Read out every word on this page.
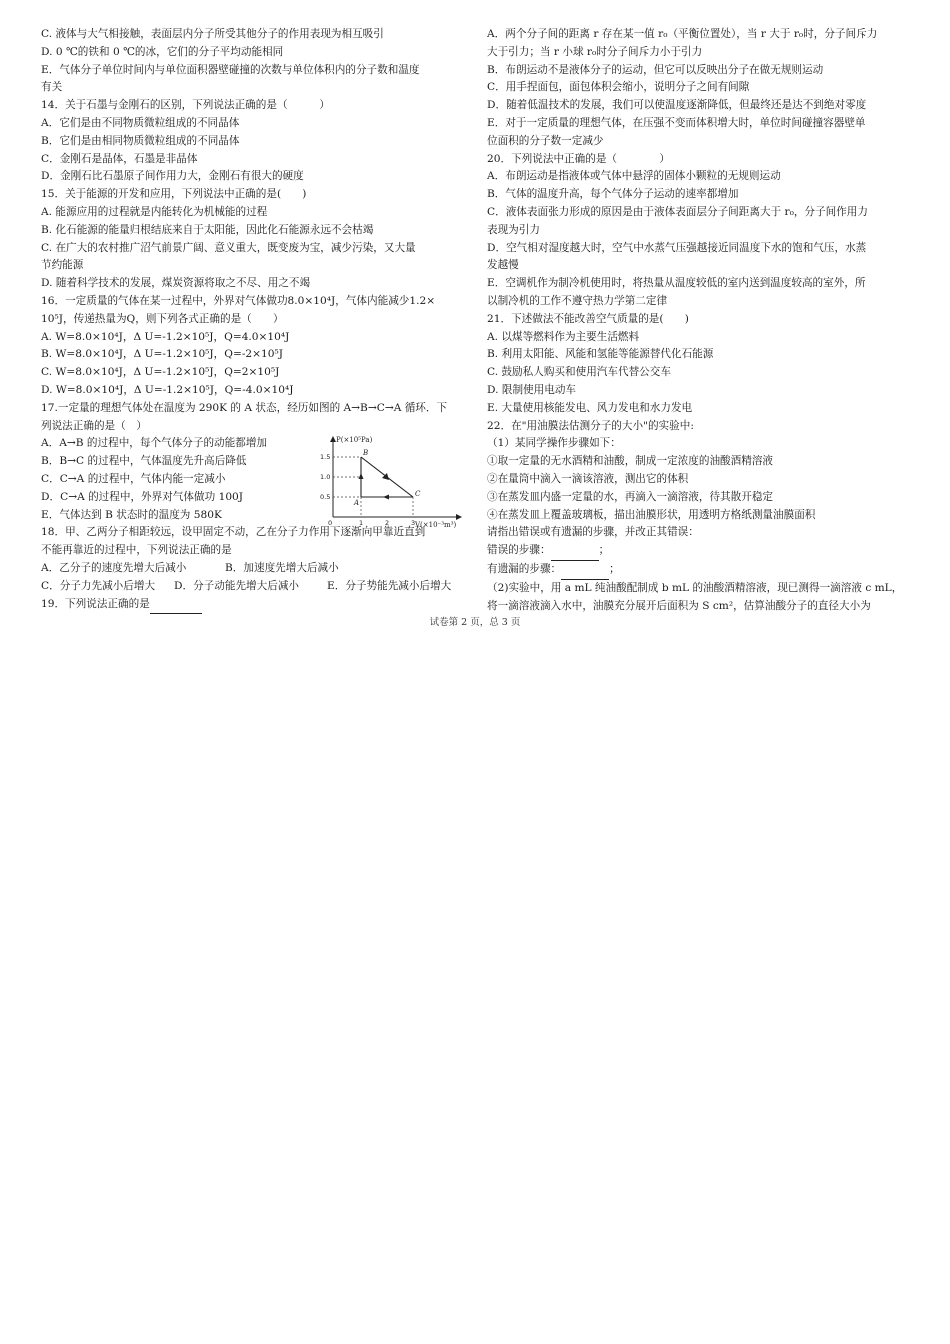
C. 液体与大气相接触，表面层内分子所受其他分子的作用表现为相互吸引
D. 0 ℃的铁和 0 ℃的冰，它们的分子平均动能相同
E．气体分子单位时间内与单位面积器壁碰撞的次数与单位体积内的分子数和温度
有关
14．关于石墨与金刚石的区别，下列说法正确的是（　　　）
A．它们是由不同物质微粒组成的不同晶体
B．它们是由相同物质微粒组成的不同晶体
C．金刚石是晶体，石墨是非晶体
D．金刚石比石墨原子间作用力大，金刚石有很大的硬度
15．关于能源的开发和应用，下列说法中正确的是(　　)
A. 能源应用的过程就是内能转化为机械能的过程
B. 化石能源的能量归根结底来自于太阳能，因此化石能源永远不会枯竭
C. 在广大的农村推广沼气前景广阔、意义重大，既变废为宝，减少污染，又大量
节约能源
D. 随着科学技术的发展，煤炭资源将取之不尽、用之不竭
16．一定质量的气体在某一过程中，外界对气体做功8.0×10⁴J，气体内能减少1.2×
10⁵J，传递热量为Q，则下列各式正确的是（　　）
A. W=8.0×10⁴J，Δ U=-1.2×10⁵J，Q=4.0×10⁴J
B. W=8.0×10⁴J，Δ U=-1.2×10⁵J，Q=-2×10⁵J
C. W=8.0×10⁴J，Δ U=-1.2×10⁵J，Q=2×10⁵J
D. W=8.0×10⁴J，Δ U=-1.2×10⁵J，Q=-4.0×10⁴J
17.一定量的理想气体处在温度为 290K 的 A 状态，经历如图的 A→B→C→A 循环．下
列说法正确的是（　）
A．A→B 的过程中，每个气体分子的动能都增加
B．B→C 的过程中，气体温度先升高后降低
C．C→A 的过程中，气体内能一定减小
D．C→A 的过程中，外界对气体做功 100J
E．气体达到 B 状态时的温度为 580K
P(×10⁵Pa)
V(×10⁻³m³)
1.5
1.0
0.5
0	1	2	3
B
A
C
18．甲、乙两分子相距较远，设甲固定不动，乙在分子力作用下逐渐向甲靠近直到
不能再靠近的过程中，下列说法正确的是
A．乙分子的速度先增大后减小	B．加速度先增大后减小
C．分子力先减小后增大	D．分子动能先增大后减小	E．分子势能先减小后增大
19．下列说法正确的是
A．两个分子间的距离 r 存在某一值 r₀（平衡位置处），当 r 大于 r₀时，分子间斥力
大于引力；当 r 小球 r₀时分子间斥力小于引力
B．布朗运动不是液体分子的运动，但它可以反映出分子在做无规则运动
C．用手捏面包，面包体积会缩小，说明分子之间有间隙
D．随着低温技术的发展，我们可以使温度逐渐降低，但最终还是达不到绝对零度
E．对于一定质量的理想气体，在压强不变而体积增大时，单位时间碰撞容器壁单
位面积的分子数一定减少
20．下列说法中正确的是（　　　　）
A．布朗运动是指液体或气体中悬浮的固体小颗粒的无规则运动
B．气体的温度升高，每个气体分子运动的速率都增加
C．液体表面张力形成的原因是由于液体表面层分子间距离大于 r₀，分子间作用力
表现为引力
D．空气相对湿度越大时，空气中水蒸气压强越接近同温度下水的饱和气压，水蒸
发越慢
E．空调机作为制冷机使用时，将热量从温度较低的室内送到温度较高的室外，所
以制冷机的工作不遵守热力学第二定律
21．下述做法不能改善空气质量的是(　　)
A. 以煤等燃料作为主要生活燃料
B. 利用太阳能、风能和氢能等能源替代化石能源
C. 鼓励私人购买和使用汽车代替公交车
D. 限制使用电动车
E. 大量使用核能发电、风力发电和水力发电
22．在"用油膜法估测分子的大小"的实验中:
（1）某同学操作步骤如下：
①取一定量的无水酒精和油酸，制成一定浓度的油酸酒精溶液
②在量筒中滴入一滴该溶液，测出它的体积
③在蒸发皿内盛一定量的水，再滴入一滴溶液，待其散开稳定
④在蒸发皿上覆盖玻璃板，描出油膜形状，用透明方格纸测量油膜面积
请指出错误或有遗漏的步骤，并改正其错误：
错误的步骤：	；
有遗漏的步骤：	；
（2)实验中，用 a mL 纯油酸配制成 b mL 的油酸酒精溶液，现已测得一滴溶液 c mL，
将一滴溶液滴入水中，油膜充分展开后面积为 S cm²，估算油酸分子的直径大小为
试卷第 2 页，总 3 页
